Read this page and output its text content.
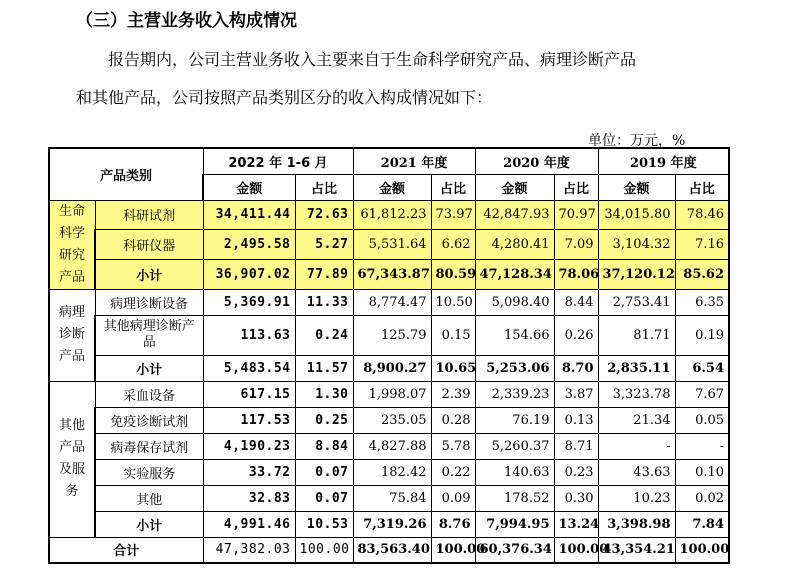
（三）主营业务收入构成情况
报告期内，公司主营业务收入主要来自于生命科学研究产品、病理诊断产品
和其他产品，公司按照产品类别区分的收入构成情况如下：
单位：万元，%
产品类别		2022 年 1-6 月		2021 年度		2020 年度		2019 年度	
		金额	占比	金额	占比	金额	占比	金额	占比
生命科学研究产品	科研试剂	34,411.44	72.63	61,812.23	73.97	42,847.93	70.97	34,015.80	78.46
	科研仪器	2,495.58	5.27	5,531.64	6.62	4,280.41	7.09	3,104.32	7.16
	小计	36,907.02	77.89	67,343.87	80.59	47,128.34	78.06	37,120.12	85.62
病理诊断产品	病理诊断设备	5,369.91	11.33	8,774.47	10.50	5,098.40	8.44	2,753.41	6.35
	其他病理诊断产品	113.63	0.24	125.79	0.15	154.66	0.26	81.71	0.19
	小计	5,483.54	11.57	8,900.27	10.65	5,253.06	8.70	2,835.11	6.54
其他产品及服务	采血设备	617.15	1.30	1,998.07	2.39	2,339.23	3.87	3,323.78	7.67
	免疫诊断试剂	117.53	0.25	235.05	0.28	76.19	0.13	21.34	0.05
	病毒保存试剂	4,190.23	8.84	4,827.88	5.78	5,260.37	8.71	-	-
	实验服务	33.72	0.07	182.42	0.22	140.63	0.23	43.63	0.10
	其他	32.83	0.07	75.84	0.09	178.52	0.30	10.23	0.02
	小计	4,991.46	10.53	7,319.26	8.76	7,994.95	13.24	3,398.98	7.84
合计		47,382.03	100.00	83,563.40	100.00	60,376.34	100.00	43,354.21	100.00
